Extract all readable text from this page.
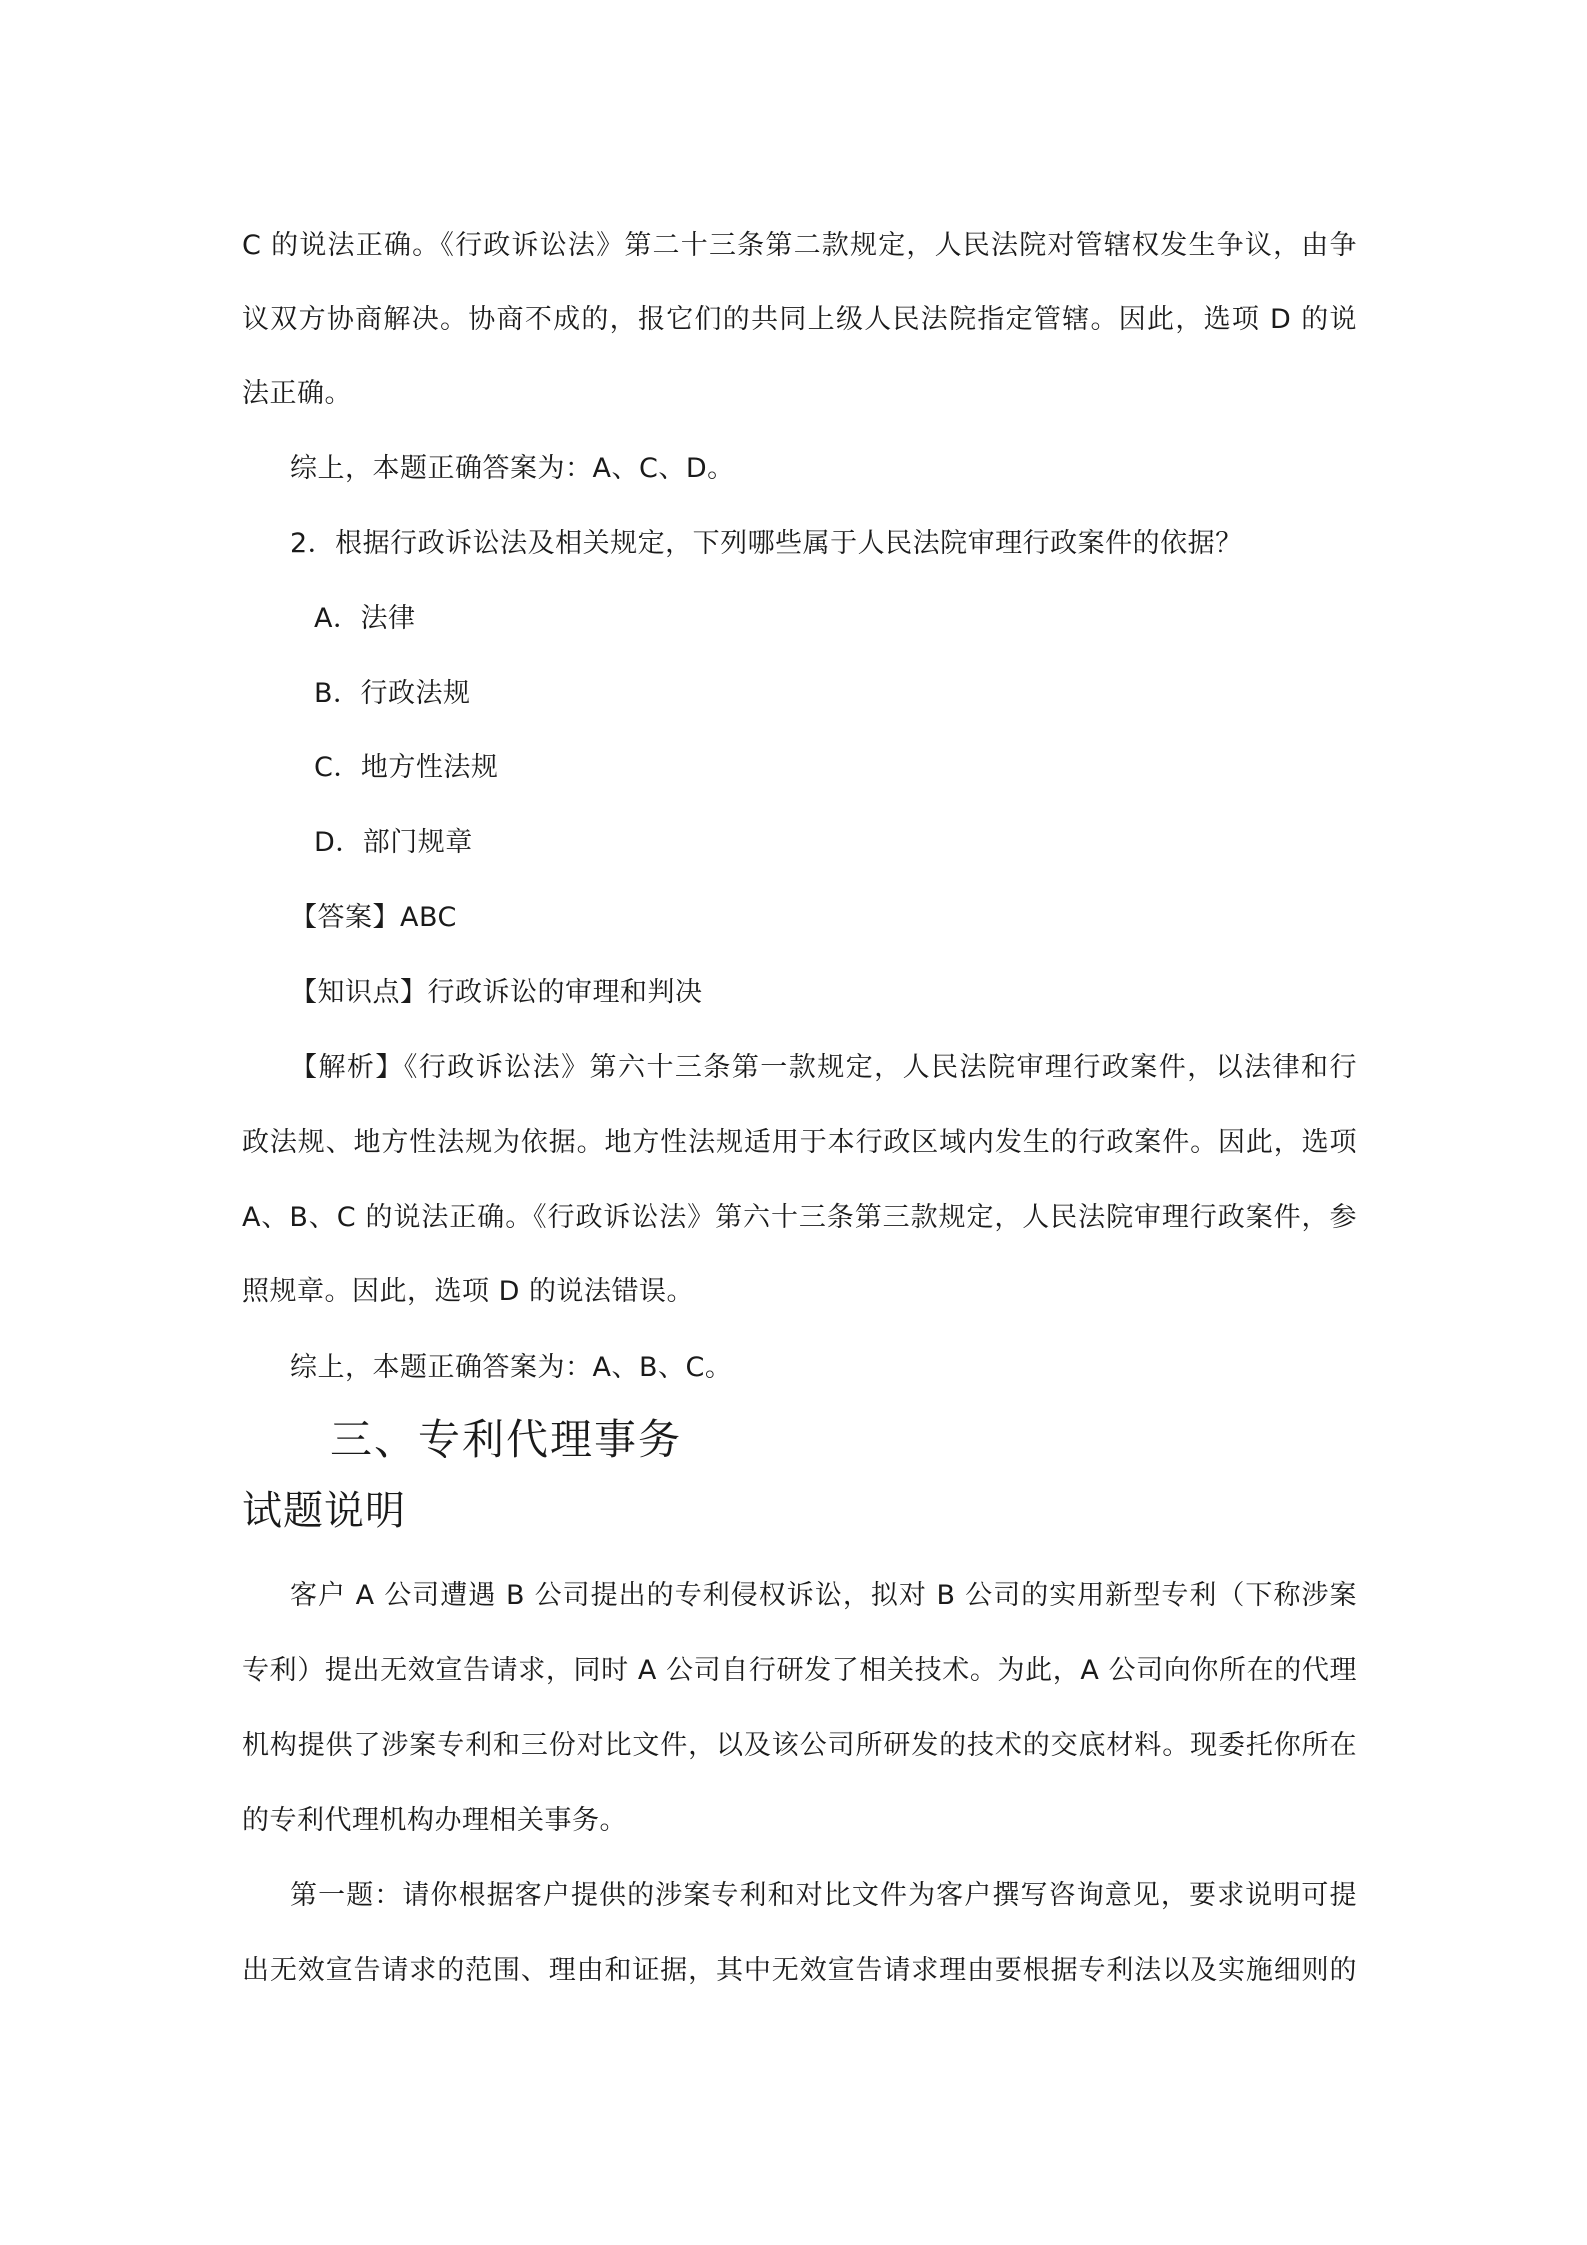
C 的说法正确。《行政诉讼法》第二十三条第二款规定，人民法院对管辖权发生争议，由争
议双方协商解决。协商不成的，报它们的共同上级人民法院指定管辖。因此，选项 D 的说
法正确。
综上，本题正确答案为：A、C、D。
2．根据行政诉讼法及相关规定，下列哪些属于人民法院审理行政案件的依据？
A．法律
B．行政法规
C．地方性法规
D．部门规章
【答案】ABC
【知识点】行政诉讼的审理和判决
【解析】《行政诉讼法》第六十三条第一款规定，人民法院审理行政案件，以法律和行
政法规、地方性法规为依据。地方性法规适用于本行政区域内发生的行政案件。因此，选项
A、B、C 的说法正确。《行政诉讼法》第六十三条第三款规定，人民法院审理行政案件，参
照规章。因此，选项 D 的说法错误。
综上，本题正确答案为：A、B、C。
三、专利代理事务
试题说明
客户 A 公司遭遇 B 公司提出的专利侵权诉讼，拟对 B 公司的实用新型专利（下称涉案
专利）提出无效宣告请求，同时 A 公司自行研发了相关技术。为此，A 公司向你所在的代理
机构提供了涉案专利和三份对比文件，以及该公司所研发的技术的交底材料。现委托你所在
的专利代理机构办理相关事务。
第一题：请你根据客户提供的涉案专利和对比文件为客户撰写咨询意见，要求说明可提
出无效宣告请求的范围、理由和证据，其中无效宣告请求理由要根据专利法以及实施细则的
